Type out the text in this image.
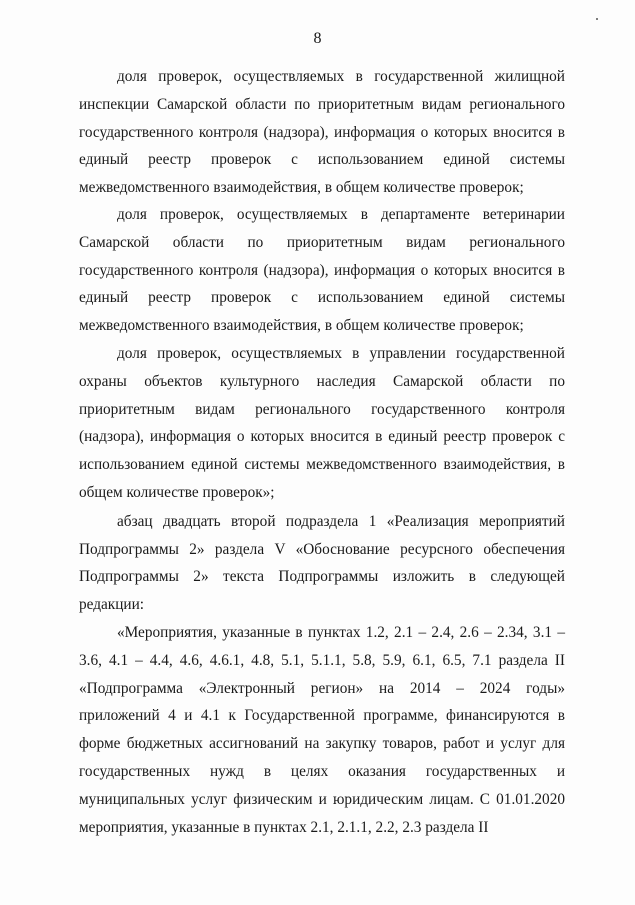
8

доля проверок, осуществляемых в государственной жилищной инспекции Самарской области по приоритетным видам регионального государственного контроля (надзора), информация о которых вносится в единый реестр проверок с использованием единой системы межведомственного взаимодействия, в общем количестве проверок;

доля проверок, осуществляемых в департаменте ветеринарии Самарской области по приоритетным видам регионального государственного контроля (надзора), информация о которых вносится в единый реестр проверок с использованием единой системы межведомственного взаимодействия, в общем количестве проверок;

доля проверок, осуществляемых в управлении государственной охраны объектов культурного наследия Самарской области по приоритетным видам регионального государственного контроля (надзора), информация о которых вносится в единый реестр проверок с использованием единой системы межведомственного взаимодействия, в общем количестве проверок»;

абзац двадцать второй подраздела 1 «Реализация мероприятий Подпрограммы 2» раздела V «Обоснование ресурсного обеспечения Подпрограммы 2» текста Подпрограммы изложить в следующей редакции:

«Мероприятия, указанные в пунктах 1.2, 2.1 – 2.4, 2.6 – 2.34, 3.1 – 3.6, 4.1 – 4.4, 4.6, 4.6.1, 4.8, 5.1, 5.1.1, 5.8, 5.9, 6.1, 6.5, 7.1 раздела II «Подпрограмма «Электронный регион» на 2014 – 2024 годы» приложений 4 и 4.1 к Государственной программе, финансируются в форме бюджетных ассигнований на закупку товаров, работ и услуг для государственных нужд в целях оказания государственных и муниципальных услуг физическим и юридическим лицам. С 01.01.2020 мероприятия, указанные в пунктах 2.1, 2.1.1, 2.2, 2.3 раздела II
